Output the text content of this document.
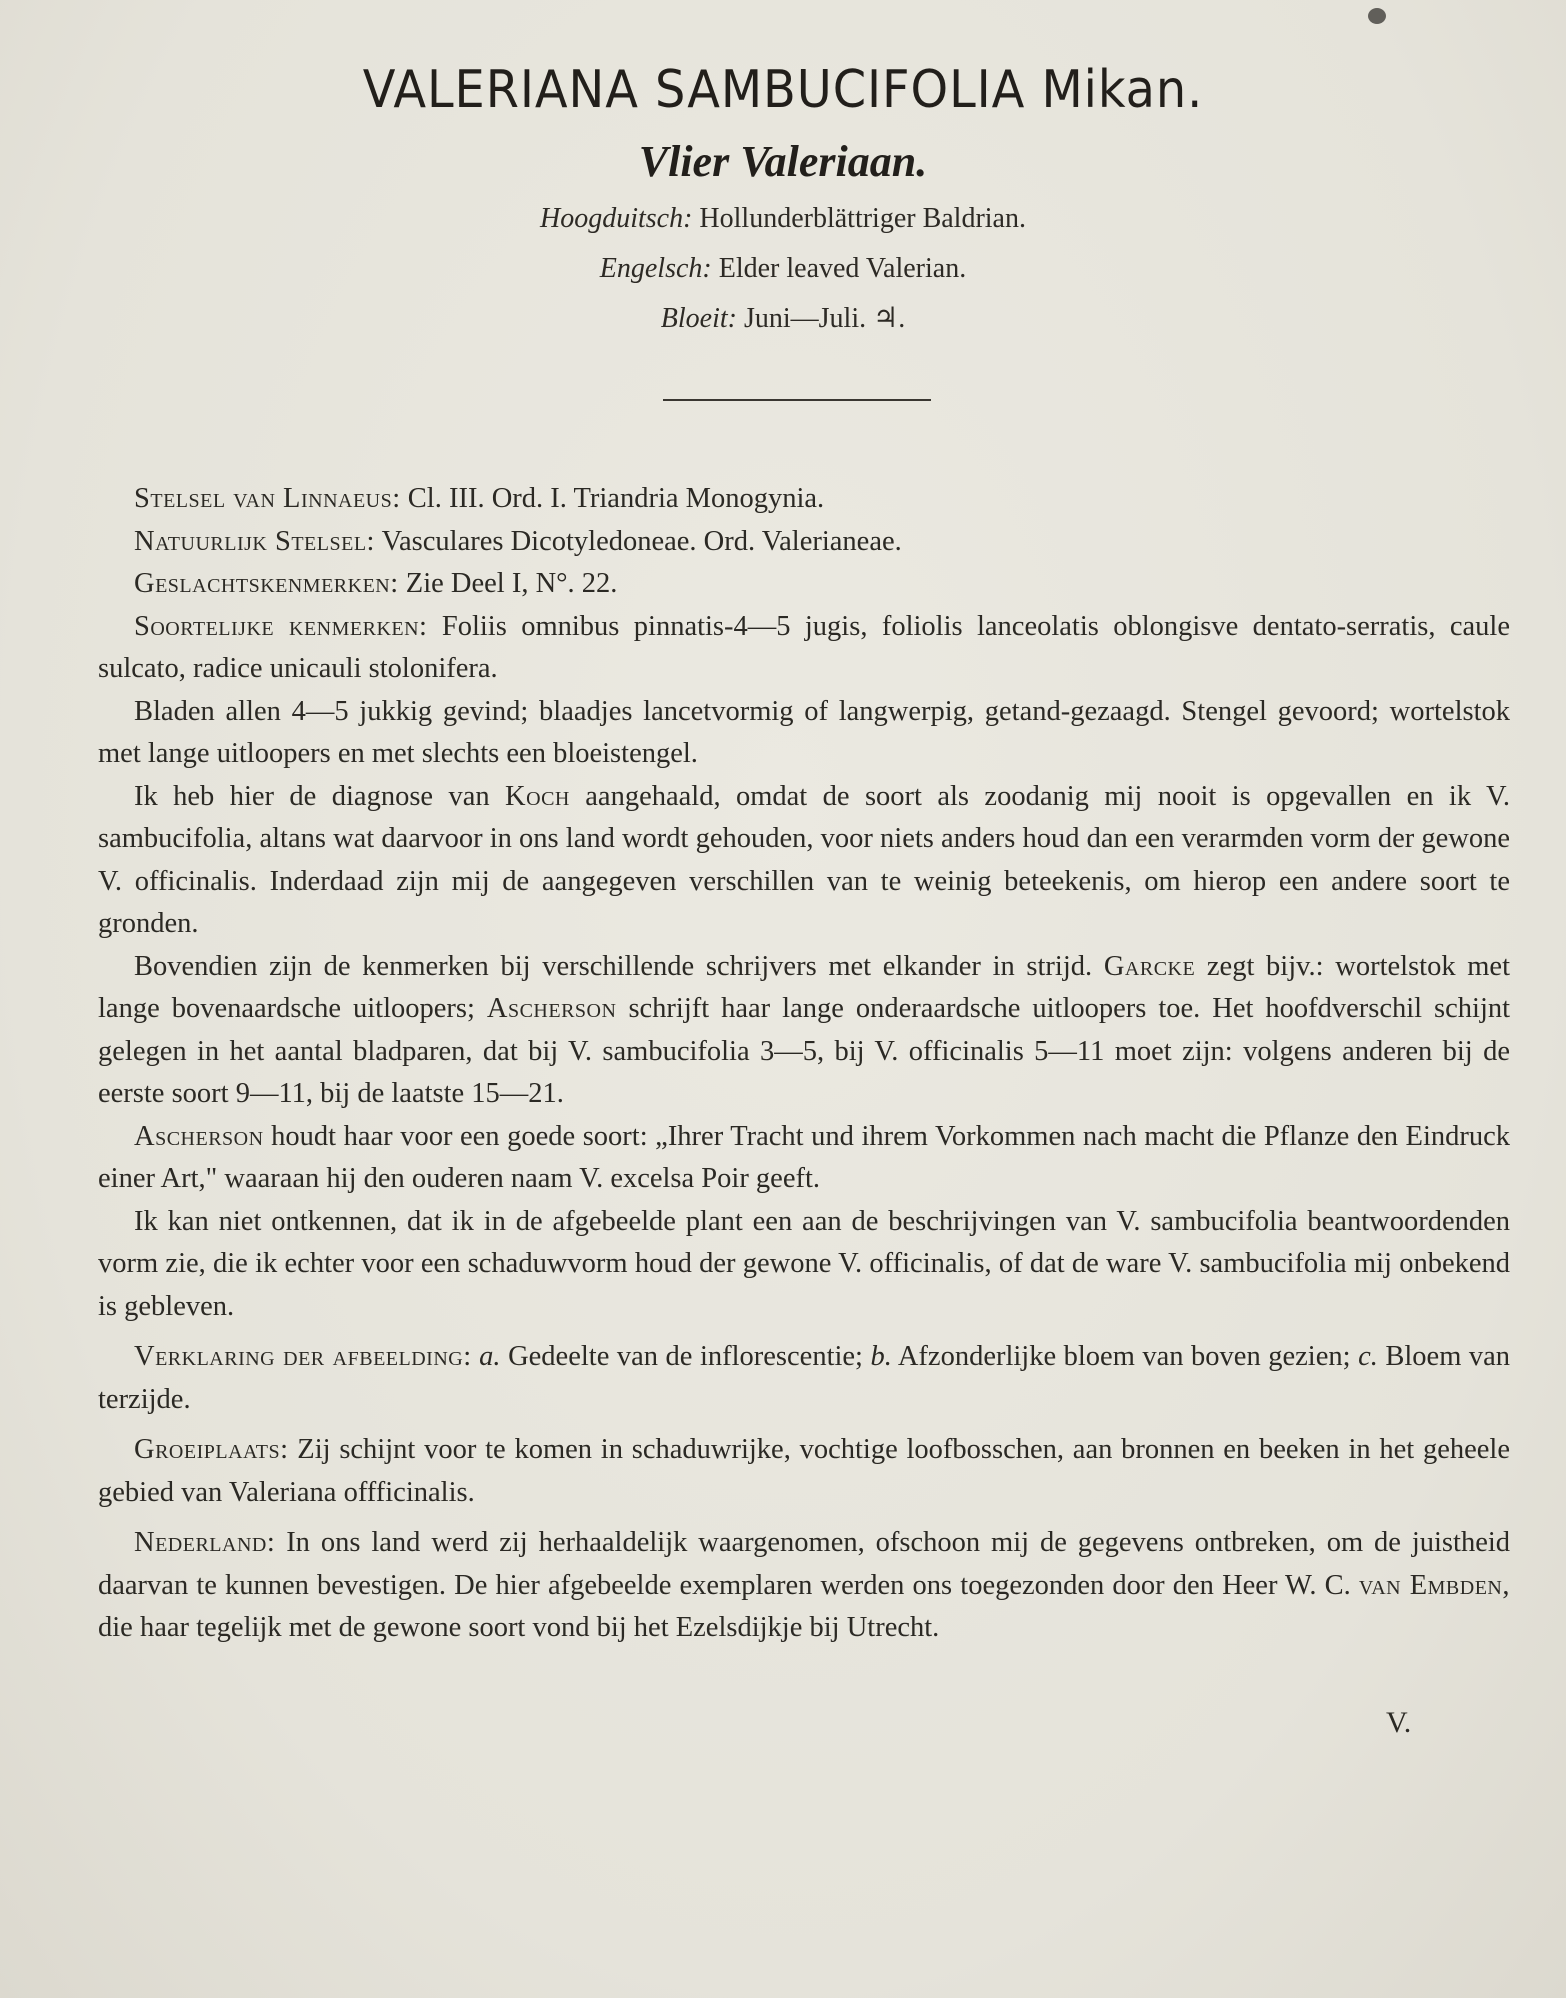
VALERIANA SAMBUCIFOLIA Mikan.
Vlier Valeriaan.
Hoogduitsch: Hollunderblättriger Baldrian.
Engelsch: Elder leaved Valerian.
Bloeit: Juni—Juli. ♃.

Stelsel van Linnaeus: Cl. III. Ord. I. Triandria Monogynia.

Natuurlijk Stelsel: Vasculares Dicotyledoneae. Ord. Valerianeae.

Geslachtskenmerken: Zie Deel I, N°. 22.

Soortelijke kenmerken: Foliis omnibus pinnatis-4—5 jugis, foliolis lanceolatis oblongisve dentato-serratis, caule sulcato, radice unicauli stolonifera.

Bladen allen 4—5 jukkig gevind; blaadjes lancetvormig of langwerpig, getand-gezaagd. Stengel gevoord; wortelstok met lange uitloopers en met slechts een bloeistengel.

Ik heb hier de diagnose van Koch aangehaald, omdat de soort als zoodanig mij nooit is opgevallen en ik V. sambucifolia, altans wat daarvoor in ons land wordt gehouden, voor niets anders houd dan een verarmden vorm der gewone V. officinalis. Inderdaad zijn mij de aangegeven verschillen van te weinig beteekenis, om hierop een andere soort te gronden.

Bovendien zijn de kenmerken bij verschillende schrijvers met elkander in strijd. Garcke zegt bijv.: wortelstok met lange bovenaardsche uitloopers; Ascherson schrijft haar lange onderaardsche uitloopers toe. Het hoofdverschil schijnt gelegen in het aantal bladparen, dat bij V. sambucifolia 3—5, bij V. officinalis 5—11 moet zijn: volgens anderen bij de eerste soort 9—11, bij de laatste 15—21.

Ascherson houdt haar voor een goede soort: „Ihrer Tracht und ihrem Vorkommen nach macht die Pflanze den Eindruck einer Art," waaraan hij den ouderen naam V. excelsa Poir geeft.

Ik kan niet ontkennen, dat ik in de afgebeelde plant een aan de beschrijvingen van V. sambucifolia beantwoordenden vorm zie, die ik echter voor een schaduwvorm houd der gewone V. officinalis, of dat de ware V. sambucifolia mij onbekend is gebleven.

Verklaring der afbeelding: a. Gedeelte van de inflorescentie; b. Afzonderlijke bloem van boven gezien; c. Bloem van terzijde.

Groeiplaats: Zij schijnt voor te komen in schaduwrijke, vochtige loofbosschen, aan bronnen en beeken in het geheele gebied van Valeriana offficinalis.

Nederland: In ons land werd zij herhaaldelijk waargenomen, ofschoon mij de gegevens ontbreken, om de juistheid daarvan te kunnen bevestigen. De hier afgebeelde exemplaren werden ons toegezonden door den Heer W. C. van Embden, die haar tegelijk met de gewone soort vond bij het Ezelsdijkje bij Utrecht.

V.
